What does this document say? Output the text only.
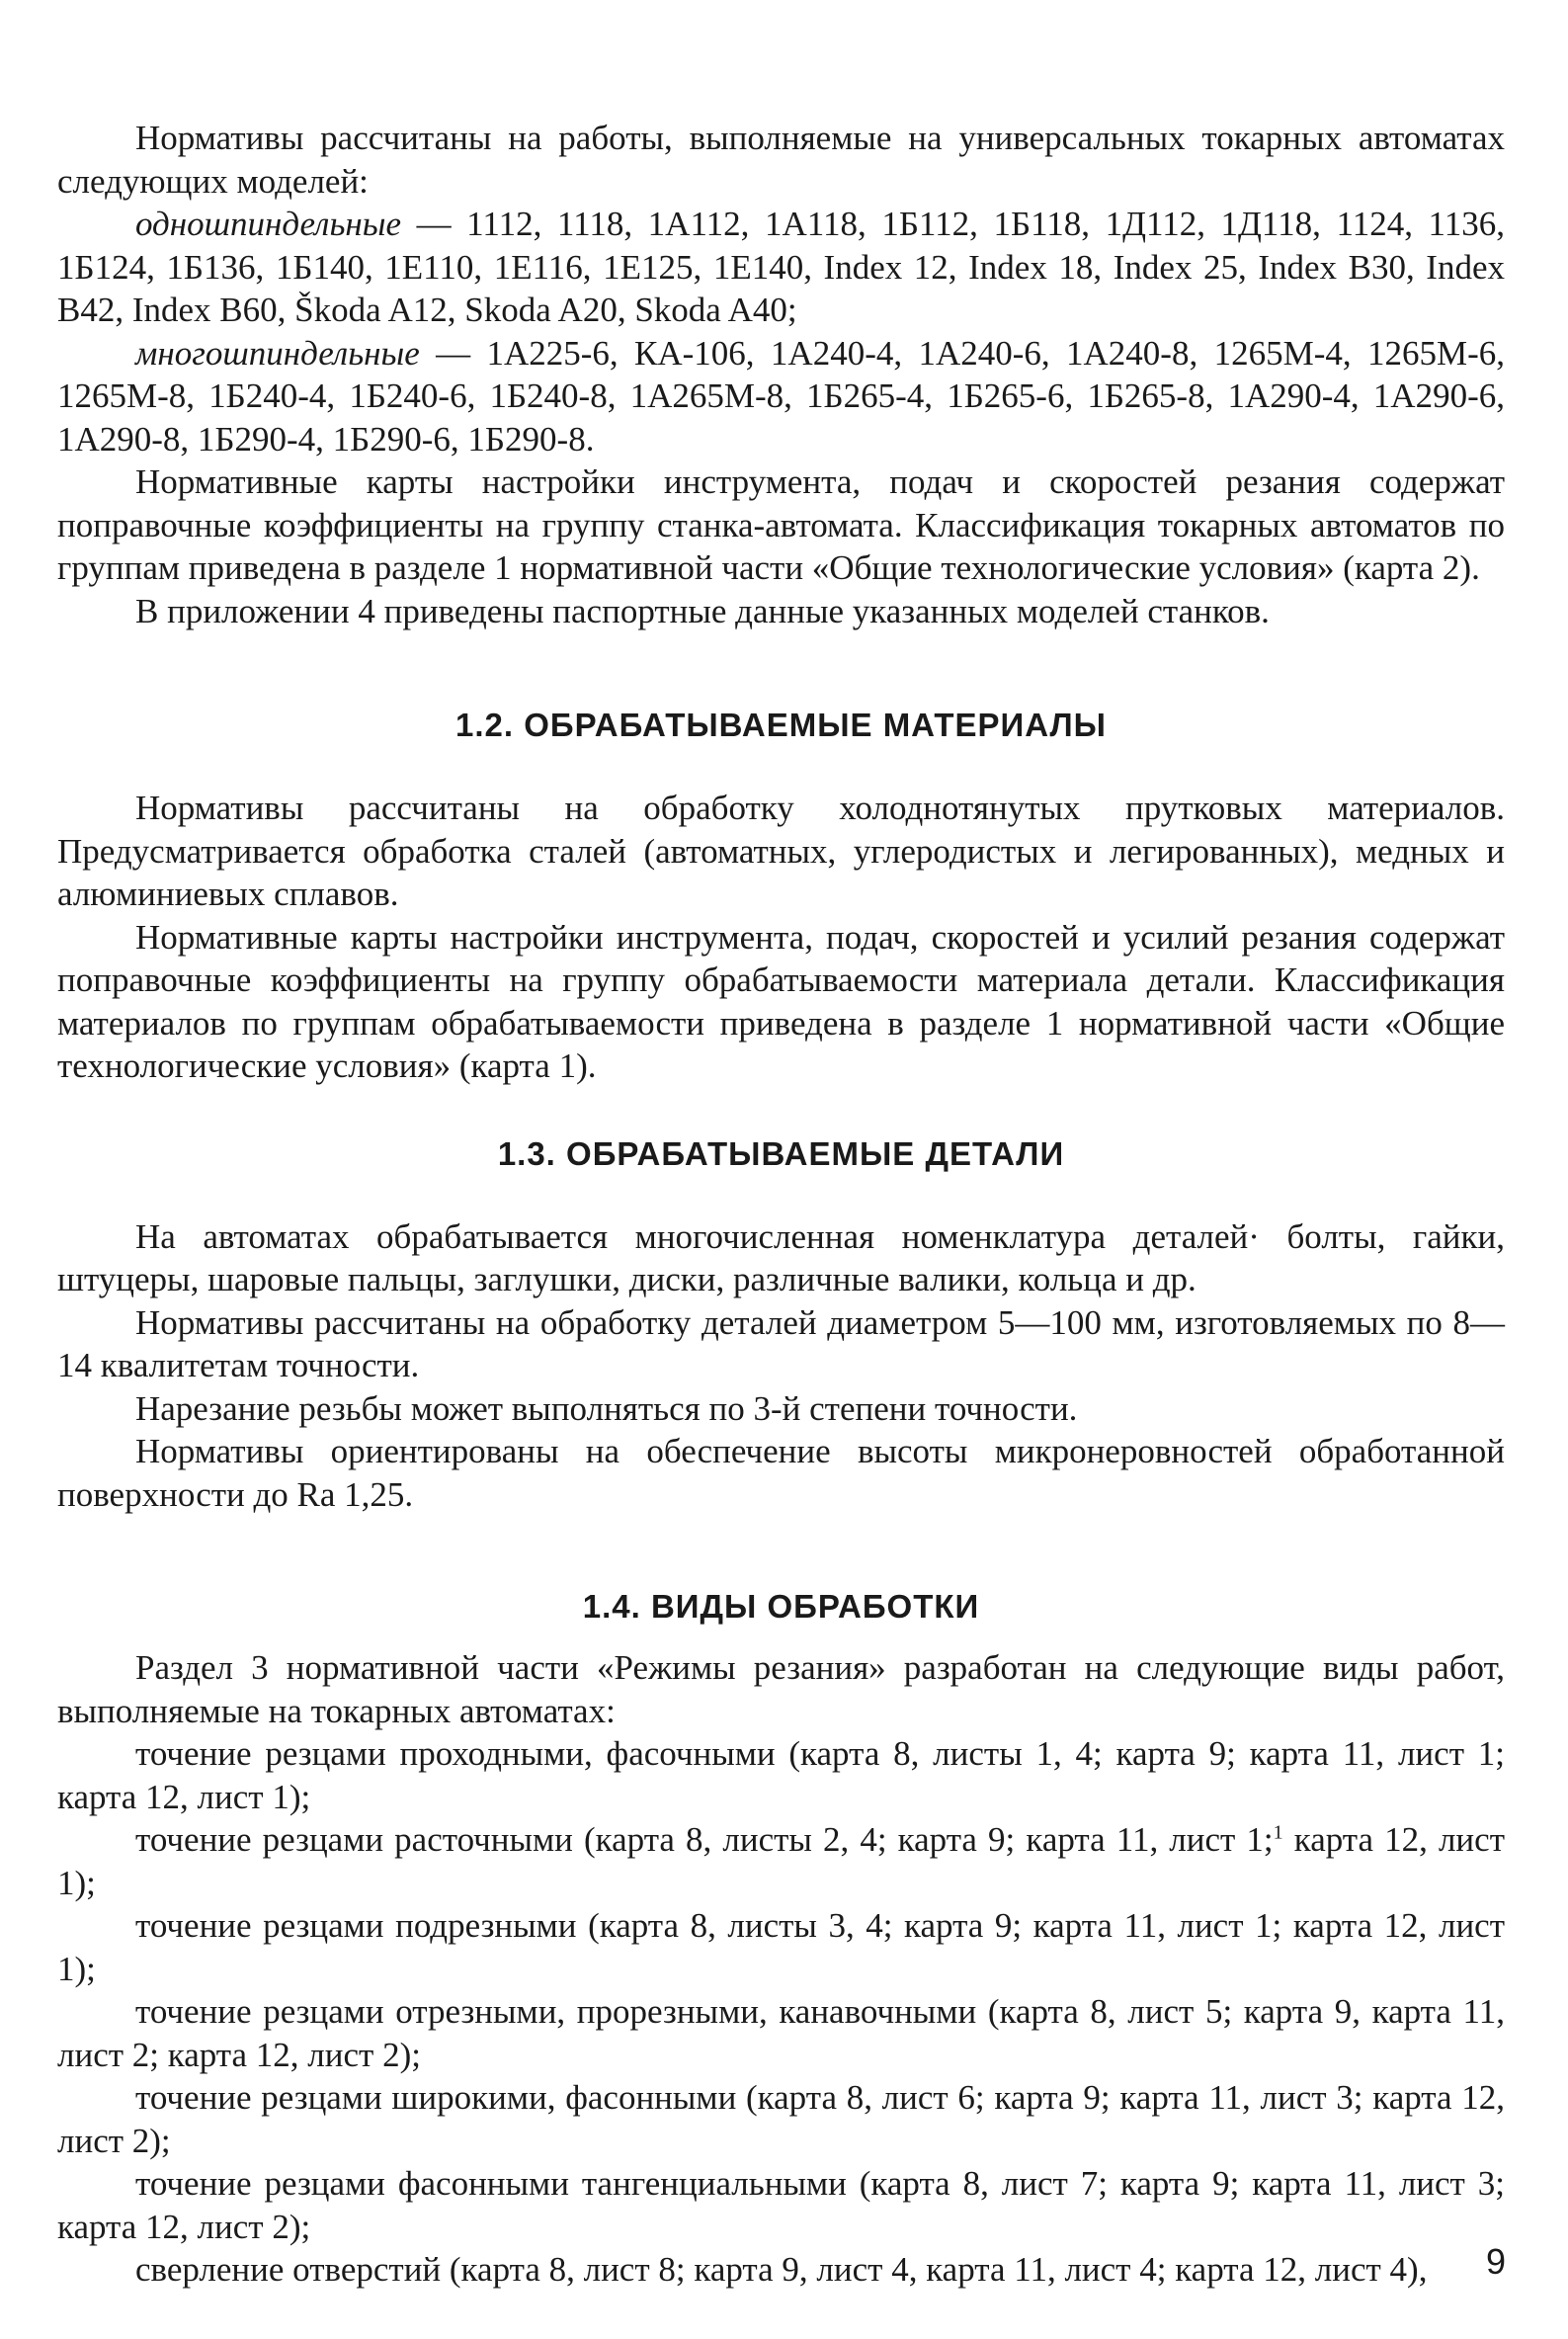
Нормативы рассчитаны на работы, выполняемые на универсальных токарных автоматах следующих моделей:

одношпиндельные — 1112, 1118, 1А112, 1А118, 1Б112, 1Б118, 1Д112, 1Д118, 1124, 1136, 1Б124, 1Б136, 1Б140, 1Е110, 1Е116, 1Е125, 1Е140, Index 12, Index 18, Index 25, Index B30, Index B42, Index B60, Škoda A12, Skoda A20, Skoda A40;

многошпиндельные — 1А225-6, КА-106, 1А240-4, 1А240-6, 1А240-8, 1265М-4, 1265М-6, 1265М-8, 1Б240-4, 1Б240-6, 1Б240-8, 1А265М-8, 1Б265-4, 1Б265-6, 1Б265-8, 1А290-4, 1А290-6, 1А290-8, 1Б290-4, 1Б290-6, 1Б290-8.

Нормативные карты настройки инструмента, подач и скоростей резания содержат поправочные коэффициенты на группу станка-автомата. Классификация токарных автоматов по группам приведена в разделе 1 нормативной части «Общие технологические условия» (карта 2).

В приложении 4 приведены паспортные данные указанных моделей станков.

1.2. ОБРАБАТЫВАЕМЫЕ МАТЕРИАЛЫ

Нормативы рассчитаны на обработку холоднотянутых прутковых материалов. Предусматривается обработка сталей (автоматных, углеродистых и легированных), медных и алюминиевых сплавов.

Нормативные карты настройки инструмента, подач, скоростей и усилий резания содержат поправочные коэффициенты на группу обрабатываемости материала детали. Классификация материалов по группам обрабатываемости приведена в разделе 1 нормативной части «Общие технологические условия» (карта 1).

1.3. ОБРАБАТЫВАЕМЫЕ ДЕТАЛИ

На автоматах обрабатывается многочисленная номенклатура деталей· болты, гайки, штуцеры, шаровые пальцы, заглушки, диски, различные валики, кольца и др.

Нормативы рассчитаны на обработку деталей диаметром 5—100 мм, изготовляемых по 8—14 квалитетам точности.

Нарезание резьбы может выполняться по 3-й степени точности.

Нормативы ориентированы на обеспечение высоты микронеровностей обработанной поверхности до Ra 1,25.

1.4. ВИДЫ ОБРАБОТКИ

Раздел 3 нормативной части «Режимы резания» разработан на следующие виды работ, выполняемые на токарных автоматах:

точение резцами проходными, фасочными (карта 8, листы 1, 4; карта 9; карта 11, лист 1; карта 12, лист 1);

точение резцами расточными (карта 8, листы 2, 4; карта 9; карта 11, лист 1;$^1$ карта 12, лист 1);

точение резцами подрезными (карта 8, листы 3, 4; карта 9; карта 11, лист 1; карта 12, лист 1);

точение резцами отрезными, прорезными, канавочными (карта 8, лист 5; карта 9, карта 11, лист 2; карта 12, лист 2);

точение резцами широкими, фасонными (карта 8, лист 6; карта 9; карта 11, лист 3; карта 12, лист 2);

точение резцами фасонными тангенциальными (карта 8, лист 7; карта 9; карта 11, лист 3; карта 12, лист 2);

сверление отверстий (карта 8, лист 8; карта 9, лист 4, карта 11, лист 4; карта 12, лист 4),	9
